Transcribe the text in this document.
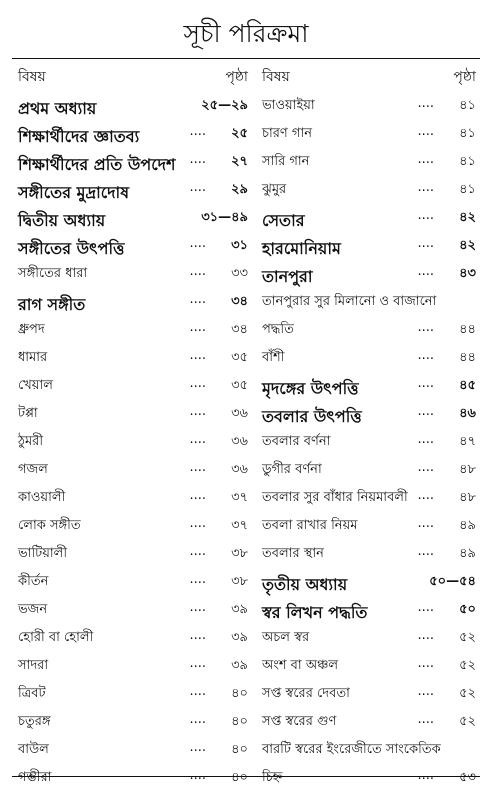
সূচী পরিক্রমা
বিষয়	পৃষ্ঠা
প্রথম অধ্যায়	২৫—২৯
শিক্ষার্থীদের জ্ঞাতব্য	.... ২৫
শিক্ষার্থীদের প্রতি উপদেশ .... ২৭
সঙ্গীতের মুদ্রাদোষ	.... ২৯
দ্বিতীয় অধ্যায়	৩১—৪৯
সঙ্গীতের উৎপত্তি	.... ৩১
সঙ্গীতের ধারা	.... ৩৩
রাগ সঙ্গীত	.... ৩৪
ধ্রুপদ	.... ৩৪
ধামার	.... ৩৫
খেয়াল	.... ৩৫
টপ্পা	.... ৩৬
ঠুমরী	.... ৩৬
গজল	.... ৩৬
কাওয়ালী	.... ৩৭
লোক সঙ্গীত	.... ৩৭
ভাটিয়ালী	.... ৩৮
কীর্তন	.... ৩৮
ভজন	.... ৩৯
হোরী বা হোলী	.... ৩৯
সাদরা	.... ৩৯
ত্রিবট	.... ৪০
চতুরঙ্গ	.... ৪০
বাউল	.... ৪০
গম্ভীরা	.... ৪০
বিষয়	পৃষ্ঠা
ভাওয়াইয়া	.... ৪১
চারণ গান	.... ৪১
সারি গান	.... ৪১
ঝুমুর	.... ৪১
সেতার	.... ৪২
হারমোনিয়াম	.... ৪২
তানপুরা	.... ৪৩
তানপুরার সুর মিলানো ও বাজানো
পদ্ধতি	.... ৪৪
বাঁশী	.... ৪৪
মৃদঙ্গের উৎপত্তি	.... ৪৫
তবলার উৎপত্তি	.... ৪৬
তবলার বর্ণনা	.... ৪৭
ডুগীর বর্ণনা	.... ৪৮
তবলার সুর বাঁধার নিয়মাবলী .... ৪৮
তবলা রাখার নিয়ম	.... ৪৯
তবলার স্থান	.... ৪৯
তৃতীয় অধ্যায়	৫০—৫৪
স্বর লিখন পদ্ধতি	.... ৫০
অচল স্বর	.... ৫২
অংশ বা অঞ্চল	.... ৫২
সপ্ত স্বরের দেবতা	.... ৫২
সপ্ত স্বরের গুণ	.... ৫২
বারটি স্বরের ইংরেজীতে সাংকেতিক
চিহ্ন	.... ৫৩
